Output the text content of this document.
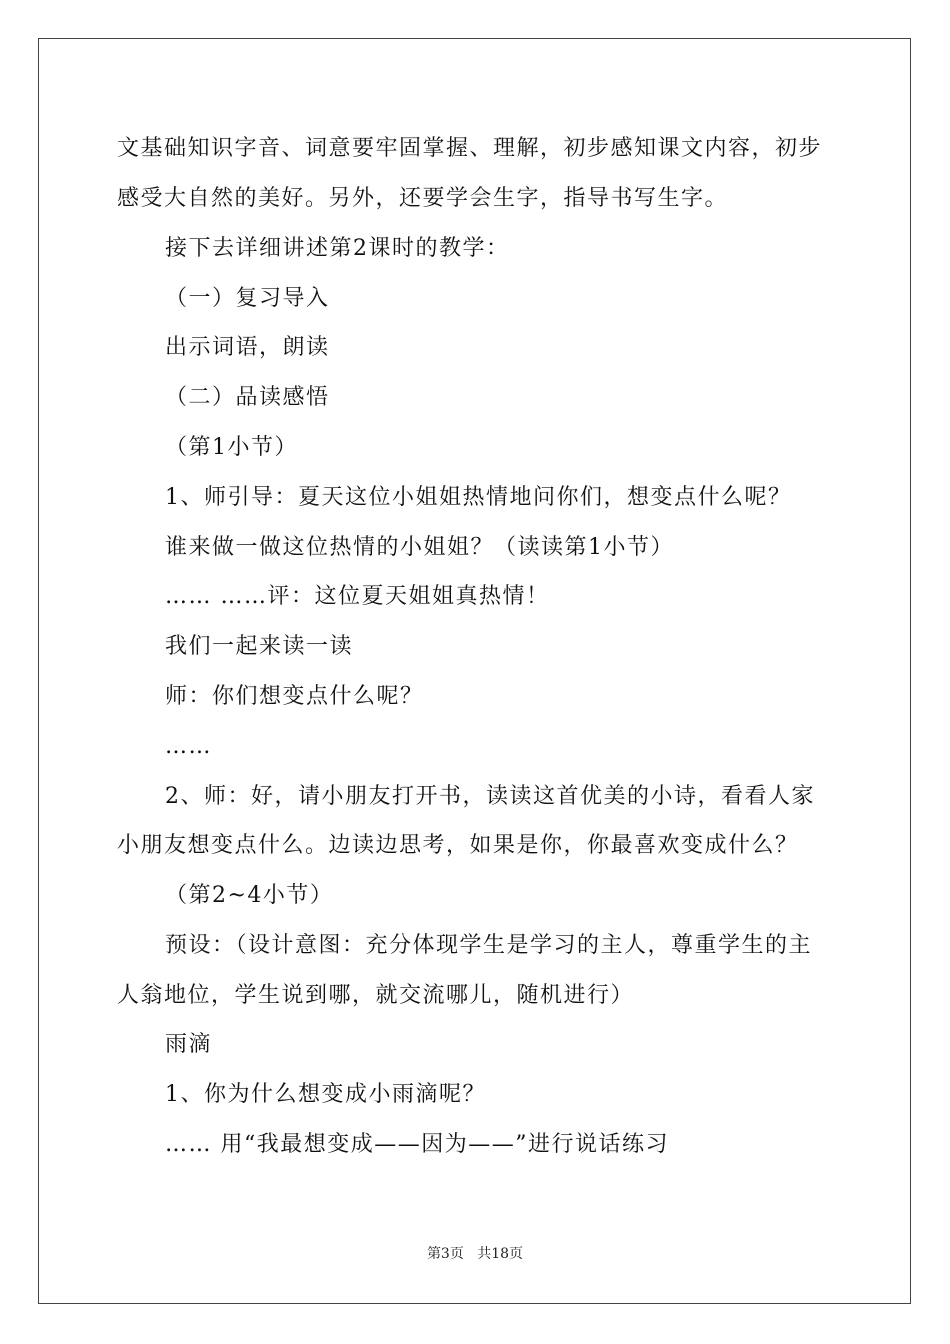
文基础知识字音、词意要牢固掌握、理解，初步感知课文内容，初步
感受大自然的美好。另外，还要学会生字，指导书写生字。
接下去详细讲述第2课时的教学：
（一）复习导入
出示词语，朗读
（二）品读感悟
（第1小节）
1、师引导：夏天这位小姐姐热情地问你们，想变点什么呢？
谁来做一做这位热情的小姐姐？（读读第1小节）
…… ……评：这位夏天姐姐真热情！
我们一起来读一读
师：你们想变点什么呢？
……
2、师：好，请小朋友打开书，读读这首优美的小诗，看看人家
小朋友想变点什么。边读边思考，如果是你，你最喜欢变成什么？
（第2~4小节）
预设：（设计意图：充分体现学生是学习的主人，尊重学生的主
人翁地位，学生说到哪，就交流哪儿，随机进行）
雨滴
1、你为什么想变成小雨滴呢？
…… 用“我最想变成——因为——”进行说话练习
第3页 共18页
